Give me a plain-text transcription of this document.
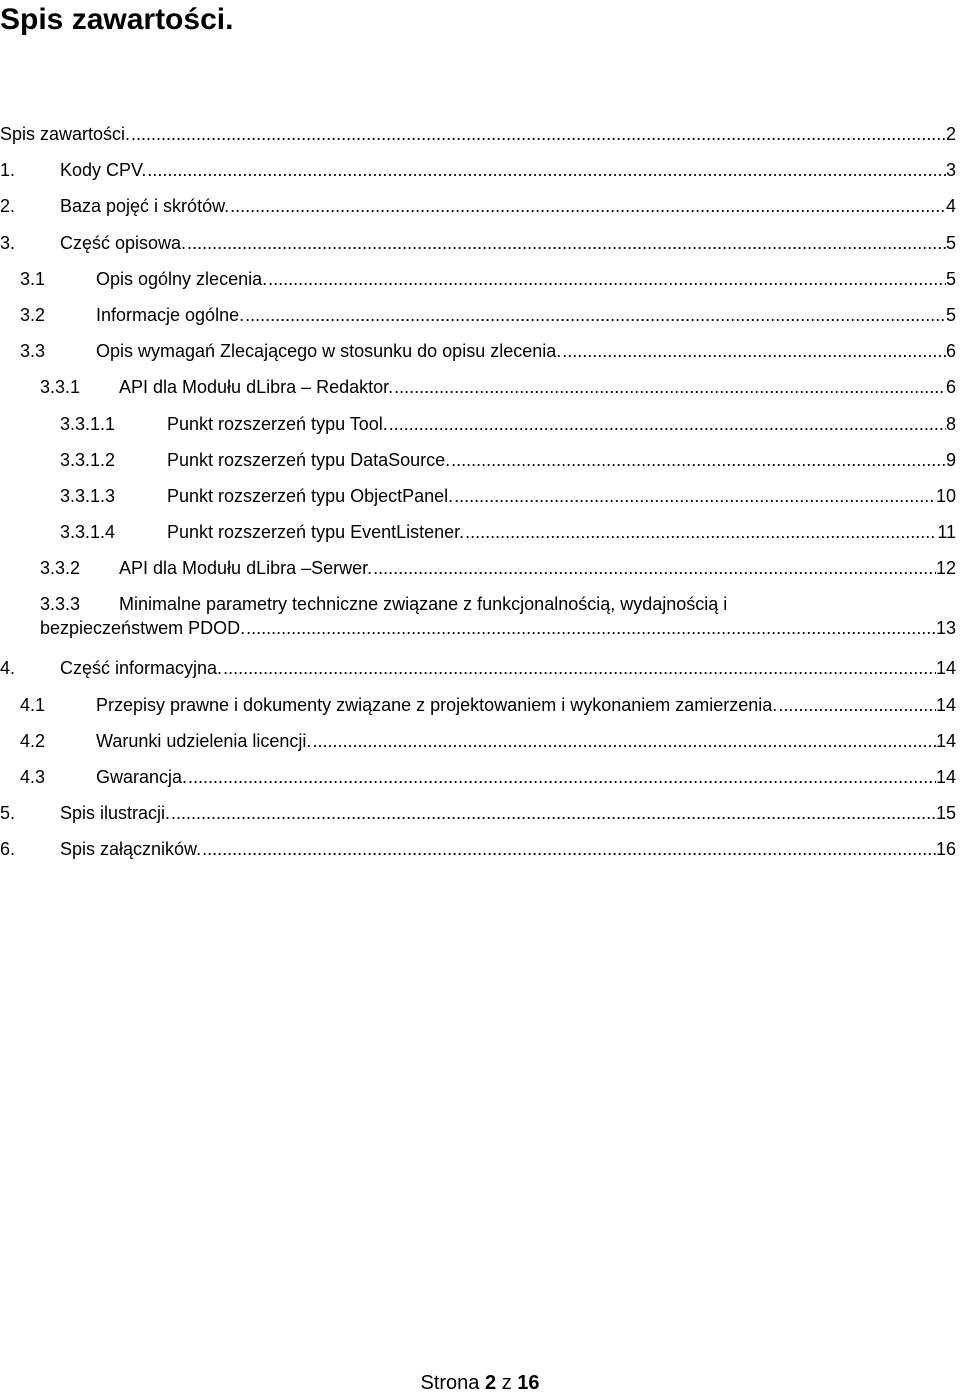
Spis zawartości.
Spis zawartości. .....	2
1.	Kody CPV. .....	3
2.	Baza pojęć i skrótów. .....	4
3.	Część opisowa. .....	5
3.1	Opis ogólny zlecenia. .....	5
3.2	Informacje ogólne. .....	5
3.3	Opis wymagań Zlecającego w stosunku do opisu zlecenia. .....	6
3.3.1	API dla Modułu dLibra – Redaktor. .....	6
3.3.1.1	Punkt rozszerzeń typu Tool. .....	8
3.3.1.2	Punkt rozszerzeń typu DataSource. .....	9
3.3.1.3	Punkt rozszerzeń typu ObjectPanel. .....	10
3.3.1.4	Punkt rozszerzeń typu EventListener. .....	11
3.3.2	API dla Modułu dLibra –Serwer. .....	12
3.3.3 Minimalne parametry techniczne związane z funkcjonalnością, wydajnością i
bezpieczeństwem PDOD. .....	13
4.	Część informacyjna. .....	14
4.1	Przepisy prawne i dokumenty związane z projektowaniem i wykonaniem zamierzenia. .....	14
4.2	Warunki udzielenia licencji. .....	14
4.3	Gwarancja. .....	14
5.	Spis ilustracji. .....	15
6.	Spis załączników. .....	16
Strona 2 z 16
